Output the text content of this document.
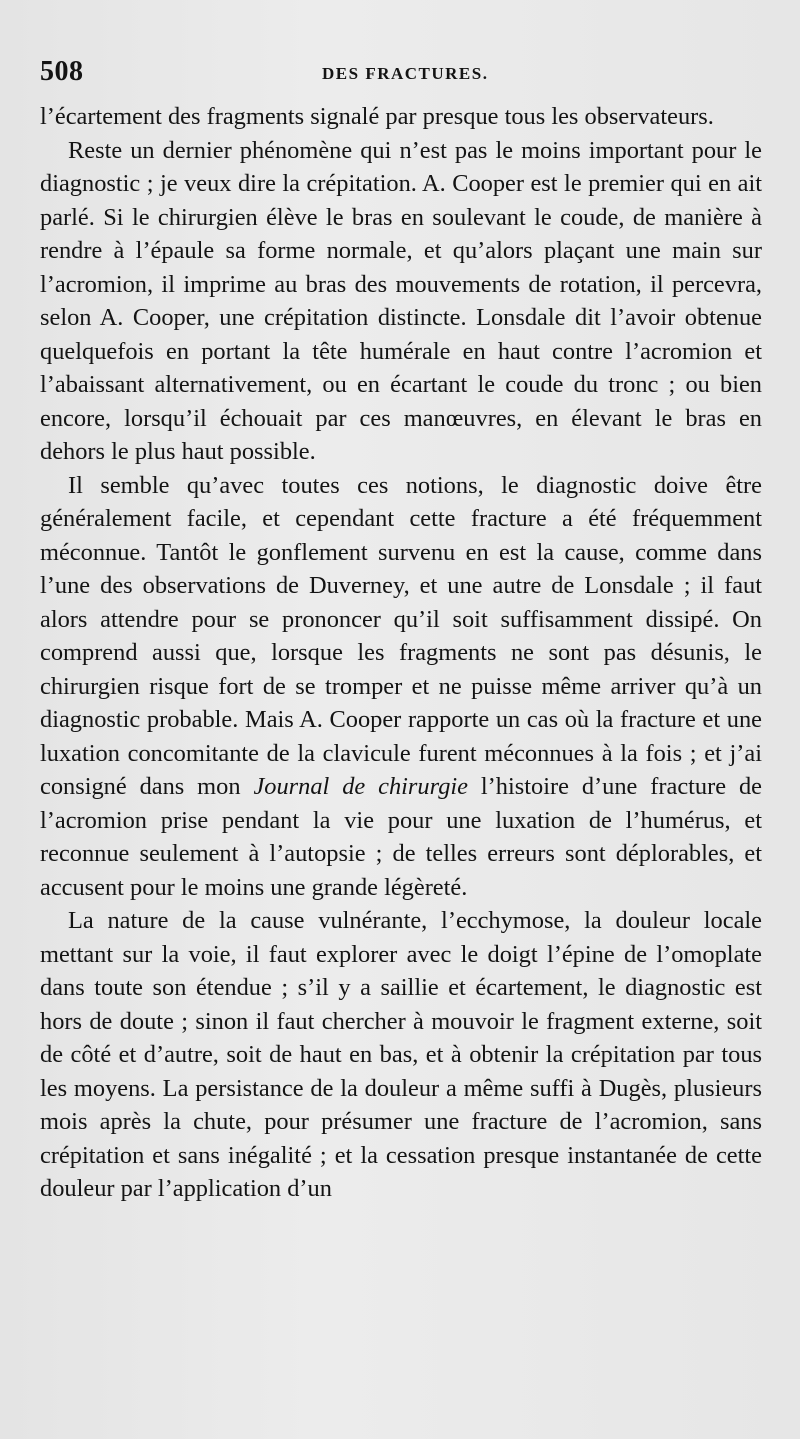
508	DES FRACTURES.

l’écartement des fragments signalé par presque tous les observateurs.

Reste un dernier phénomène qui n’est pas le moins important pour le diagnostic ; je veux dire la crépitation. A. Cooper est le premier qui en ait parlé. Si le chirurgien élève le bras en soulevant le coude, de manière à rendre à l’épaule sa forme normale, et qu’alors plaçant une main sur l’acromion, il imprime au bras des mouvements de rotation, il percevra, selon A. Cooper, une crépitation distincte. Lonsdale dit l’avoir obtenue quelquefois en portant la tête humérale en haut contre l’acromion et l’abaissant alternativement, ou en écartant le coude du tronc ; ou bien encore, lorsqu’il échouait par ces manœuvres, en élevant le bras en dehors le plus haut possible.

Il semble qu’avec toutes ces notions, le diagnostic doive être généralement facile, et cependant cette fracture a été fréquemment méconnue. Tantôt le gonflement survenu en est la cause, comme dans l’une des observations de Duverney, et une autre de Lonsdale ; il faut alors attendre pour se prononcer qu’il soit suffisamment dissipé. On comprend aussi que, lorsque les fragments ne sont pas désunis, le chirurgien risque fort de se tromper et ne puisse même arriver qu’à un diagnostic probable. Mais A. Cooper rapporte un cas où la fracture et une luxation concomitante de la clavicule furent méconnues à la fois ; et j’ai consigné dans mon Journal de chirurgie l’histoire d’une fracture de l’acromion prise pendant la vie pour une luxation de l’humérus, et reconnue seulement à l’autopsie ; de telles erreurs sont déplorables, et accusent pour le moins une grande légèreté.

La nature de la cause vulnérante, l’ecchymose, la douleur locale mettant sur la voie, il faut explorer avec le doigt l’épine de l’omoplate dans toute son étendue ; s’il y a saillie et écartement, le diagnostic est hors de doute ; sinon il faut chercher à mouvoir le fragment externe, soit de côté et d’autre, soit de haut en bas, et à obtenir la crépitation par tous les moyens. La persistance de la douleur a même suffi à Dugès, plusieurs mois après la chute, pour présumer une fracture de l’acromion, sans crépitation et sans inégalité ; et la cessation presque instantanée de cette douleur par l’application d’un
